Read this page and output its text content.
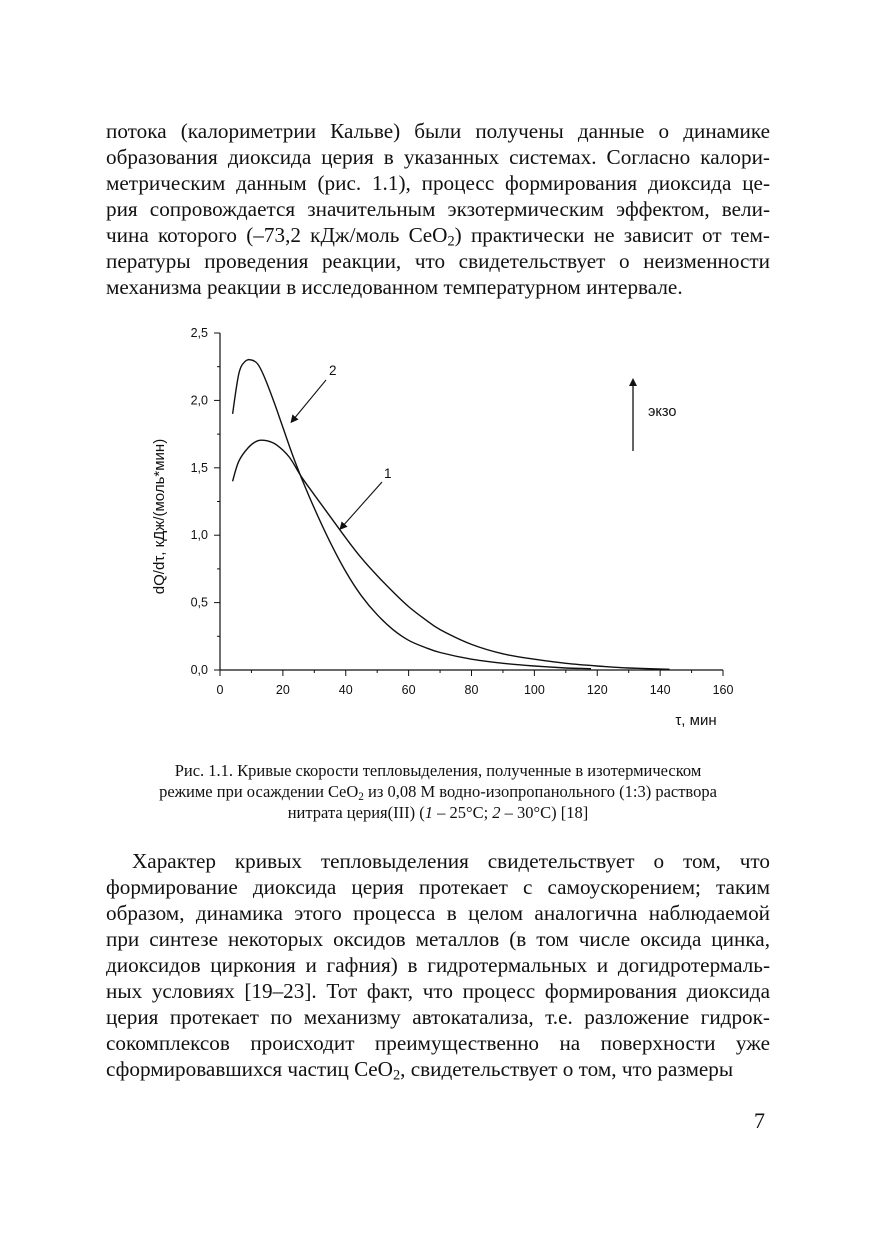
потока (калориметрии Кальве) были получены данные о динамике
образования диоксида церия в указанных системах. Согласно калори-
метрическим данным (рис. 1.1), процесс формирования диоксида це-
рия сопровождается значительным экзотермическим эффектом, вели-
чина которого (–73,2 кДж/моль CeO$_2$) практически не зависит от тем-
пературы проведения реакции, что свидетельствует о неизменности
механизма реакции в исследованном температурном интервале.
0	20	40	60	80	100	120	140	160
0,0
0,5
1,0
1,5
2,0
2,5
τ, мин
dQ/dτ, кДж/(моль*мин)
2
1
экзо
Рис. 1.1. Кривые скорости тепловыделения, полученные в изотермическом
режиме при осаждении CeO$_2$ из 0,08 М водно-изопропанольного (1:3) раствора
нитрата церия(III) (1 – 25°C; 2 – 30°C) [18]
Характер кривых тепловыделения свидетельствует о том, что
формирование диоксида церия протекает с самоускорением; таким
образом, динамика этого процесса в целом аналогична наблюдаемой
при синтезе некоторых оксидов металлов (в том числе оксида цинка,
диоксидов циркония и гафния) в гидротермальных и догидротермаль-
ных условиях [19–23]. Тот факт, что процесс формирования диоксида
церия протекает по механизму автокатализа, т.е. разложение гидрок-
сокомплексов происходит преимущественно на поверхности уже
сформировавшихся частиц CeO$_2$, свидетельствует о том, что размеры
7
